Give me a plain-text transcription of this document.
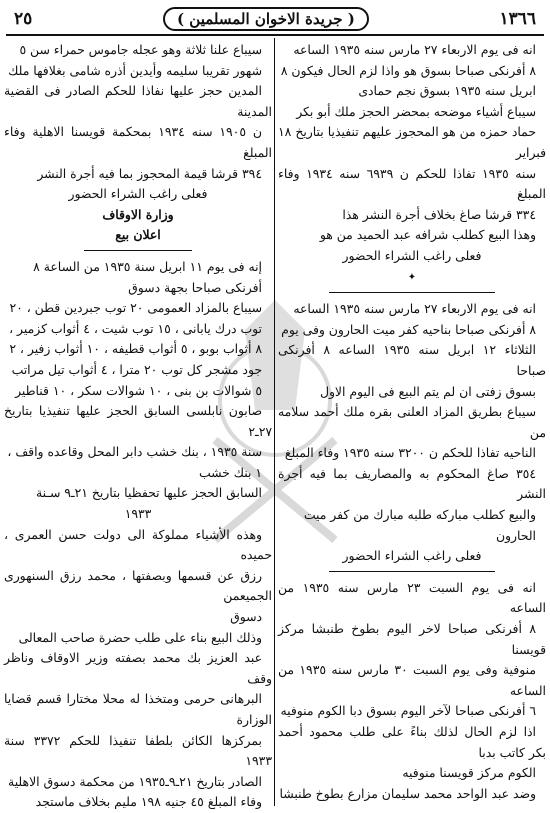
١٣٦٦
( جريدة الاخوان المسلمين )
٢٥

انه فى يوم الاربعاء ٢٧ مارس سنه ١٩٣٥ الساعه

٨ أفرنكى صباحا بسوق هو واذا لزم الحال فيكون ٨

ابريل سنه ١٩٣٥ بسوق نجم حمادى

سيباع أشياء موضحه بمحضر الحجز ملك أبو بكر

حماد حمزه من هو المحجوز عليهم تنفيذيا بتاريخ ١٨ فبراير

سنه ١٩٣٥ تفاذا للحكم ن ٦٩٣٩ سنه ١٩٣٤ وفاء المبلغ

٣٣٤ قرشا صاغ بخلاف أجرة النشر هذا

وهذا البيع كطلب شرافه عبد الحميد من هو

فعلى راغب الشراء الحضور

✦

انه فى يوم الاربعاء ٢٧ مارس سنه ١٩٣٥ الساعه

٨ أفرنكى صباحا بناحيه كفر ميت الحارون وفى يوم

الثلاثاء ١٢ ابريل سنه ١٩٣٥ الساعه ٨ أفرنكى صباحا

بسوق زفتى ان لم يتم البيع فى اليوم الاول

سيباع بطريق المزاد العلنى بقره ملك أحمد سلامه من

الناحيه تفاذا للحكم ن ٣٢٠٠ سنه ١٩٣٥ وفاء المبلغ

٣٥٤ صاغ المحكوم به والمصاريف بما فيه أجرة النشر

والبيع كطلب مباركه طلبه مبارك من كفر ميت

الحارون

فعلى راغب الشراء الحضور

انه فى يوم السبت ٢٣ مارس سنه ١٩٣٥ من الساعه

٨ أفرنكى صباحا لاخر اليوم بطوخ طنبشا مركز قويسنا

منوفية وفى يوم السبت ٣٠ مارس سنه ١٩٣٥ من الساعه

٦ أفرنكى صباحا لآخر اليوم بسوق دبا الكوم منوفيه

اذا لزم الحال لذلك بناءً على طلب محمود أحمد بكر كاتب بدبا

الكوم مركز قويسنا منوفيه

وضد عبد الواحد محمد سليمان مزارع بطوخ طنبشا

سيباع علنا ثلاثة وهو عجله جاموس حمراء سن ٥

شهور تقريبا سليمه وأيدين أذره شامى بغلافها ملك

المدين حجز عليها نفاذا للحكم الصادر فى القضية المدينة

ن ١٩٠٥ سنه ١٩٣٤ بمحكمة قويسنا الاهلية وفاء المبلغ

٣٩٤ قرشا قيمة المحجوز بما فيه أجرة النشر

فعلى راغب الشراء الحضور

وزارة الاوقاف

اعلان بيع

إنه فى يوم ١١ ابريل سنة ١٩٣٥ من الساعة ٨

أفرنكى صباحا بجهة دسوق

سيباع بالمزاد العمومى ٢٠ توب جبردين قطن ، ٢٠

توب درك يابانى ، ١٥ توب شيت ، ٤ أثواب كزمير ،

٨ أثواب بوبو ، ٥ أثواب قطيفه ، ١٠ أثواب زفير ، ٢

جود مشجر كل توب ٢٠ مترا ، ٤ أثواب تيل مراتب

٥ شوالات بن بنى ، ١٠ شوالات سكر ، ١٠ قناطير

صابون نابلسى السابق الحجز عليها تنفيذيا بتاريخ ٢٧ـ٢

سنة ١٩٣٥ ، بنك خشب دابر المحل وقاعده واقف ،

١ بنك خشب

السابق الحجز عليها تحفظيا بتاريخ ٢١ـ٩ سـنة

١٩٣٣

وهذه الأشياء مملوكة الى دولت حسن العمرى ، حميده

رزق عن قسمها وبصفتها ، محمد رزق السنهورى الجميعمن

دسوق

وذلك البيع بناء على طلب حضرة صاحب المعالى

عبد العزيز بك محمد بصفته وزير الاوقاف وناظر وقف

البرهانى حرمى ومتخذا له محلا مختارا قسم قضايا الوزارة

بمركزها الكائن بلطفا تنفيذا للحكم ٣٣٧٢ سنة ١٩٣٣

الصادر بتاريخ ٢١ـ٩ـ١٩٣٥ من محكمة دسوق الاهلية

وفاء المبلغ ٤٥ جنيه ١٩٨ مليم بخلاف ماستجد
